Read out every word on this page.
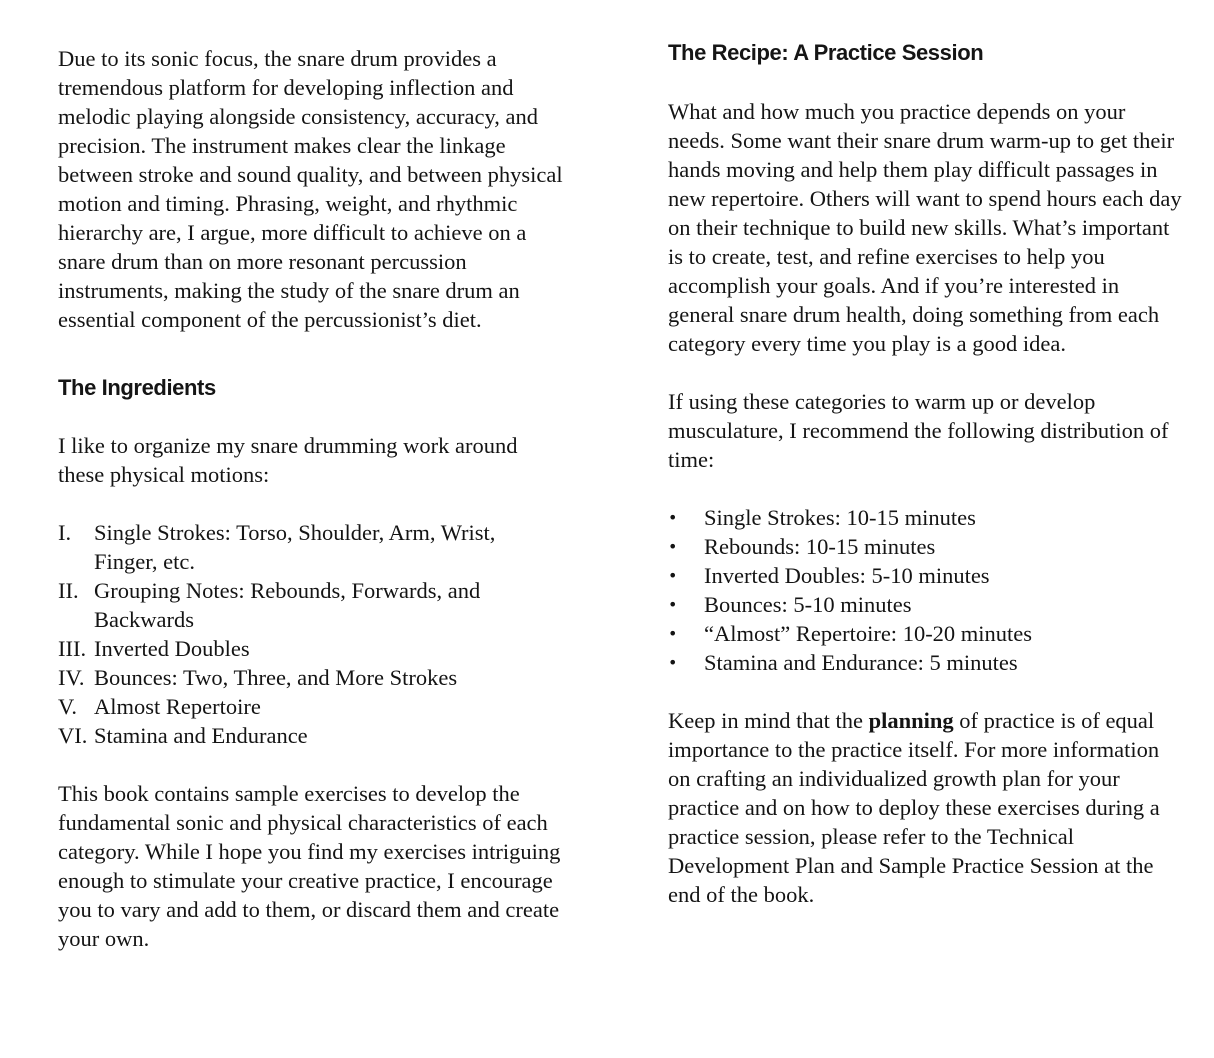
Due to its sonic focus, the snare drum provides a tremendous platform for developing inflection and melodic playing alongside consistency, accuracy, and precision. The instrument makes clear the linkage between stroke and sound quality, and between physical motion and timing. Phrasing, weight, and rhythmic hierarchy are, I argue, more difficult to achieve on a snare drum than on more resonant percussion instruments, making the study of the snare drum an essential component of the percussionist’s diet.

The Ingredients

I like to organize my snare drumming work around these physical motions:

I.	Single Strokes: Torso, Shoulder, Arm, Wrist, Finger, etc.
II. Grouping Notes: Rebounds, Forwards, and Backwards
III. Inverted Doubles
IV. Bounces: Two, Three, and More Strokes
V. Almost Repertoire
VI. Stamina and Endurance

This book contains sample exercises to develop the fundamental sonic and physical characteristics of each category. While I hope you find my exercises intriguing enough to stimulate your creative practice, I encourage you to vary and add to them, or discard them and create your own.

The Recipe: A Practice Session

What and how much you practice depends on your needs. Some want their snare drum warm-up to get their hands moving and help them play difficult passages in new repertoire. Others will want to spend hours each day on their technique to build new skills. What’s important is to create, test, and refine exercises to help you accomplish your goals. And if you’re interested in general snare drum health, doing something from each category every time you play is a good idea.

If using these categories to warm up or develop musculature, I recommend the following distribution of time:

•	Single Strokes: 10-15 minutes
•	Rebounds: 10-15 minutes
•	Inverted Doubles: 5-10 minutes
•	Bounces: 5-10 minutes
•	“Almost” Repertoire: 10-20 minutes
•	Stamina and Endurance: 5 minutes

Keep in mind that the planning of practice is of equal importance to the practice itself. For more information on crafting an individualized growth plan for your practice and on how to deploy these exercises during a practice session, please refer to the Technical Development Plan and Sample Practice Session at the end of the book.
